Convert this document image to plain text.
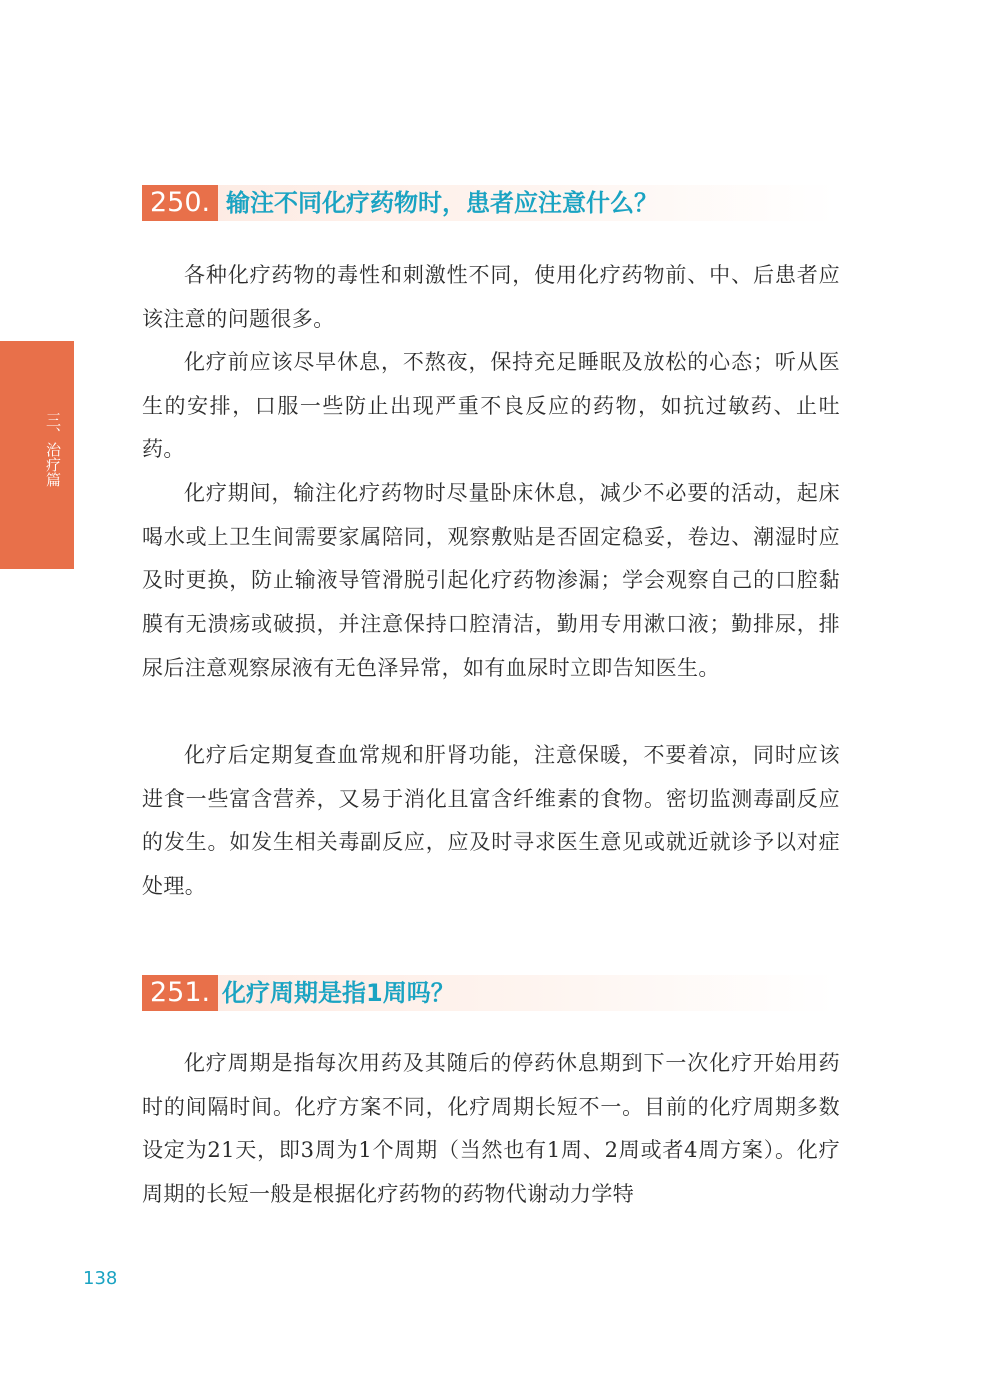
三、治疗篇
250. 输注不同化疗药物时，患者应注意什么？

各种化疗药物的毒性和刺激性不同，使用化疗药物前、中、后患者应该注意的问题很多。

化疗前应该尽早休息，不熬夜，保持充足睡眠及放松的心态；听从医生的安排，口服一些防止出现严重不良反应的药物，如抗过敏药、止吐药。

化疗期间，输注化疗药物时尽量卧床休息，减少不必要的活动，起床喝水或上卫生间需要家属陪同，观察敷贴是否固定稳妥，卷边、潮湿时应及时更换，防止输液导管滑脱引起化疗药物渗漏；学会观察自己的口腔黏膜有无溃疡或破损，并注意保持口腔清洁，勤用专用漱口液；勤排尿，排尿后注意观察尿液有无色泽异常，如有血尿时立即告知医生。

化疗后定期复查血常规和肝肾功能，注意保暖，不要着凉，同时应该进食一些富含营养，又易于消化且富含纤维素的食物。密切监测毒副反应的发生。如发生相关毒副反应，应及时寻求医生意见或就近就诊予以对症处理。

251. 化疗周期是指1周吗？

化疗周期是指每次用药及其随后的停药休息期到下一次化疗开始用药时的间隔时间。化疗方案不同，化疗周期长短不一。目前的化疗周期多数设定为21天，即3周为1个周期（当然也有1周、2周或者4周方案）。化疗周期的长短一般是根据化疗药物的药物代谢动力学特

138
